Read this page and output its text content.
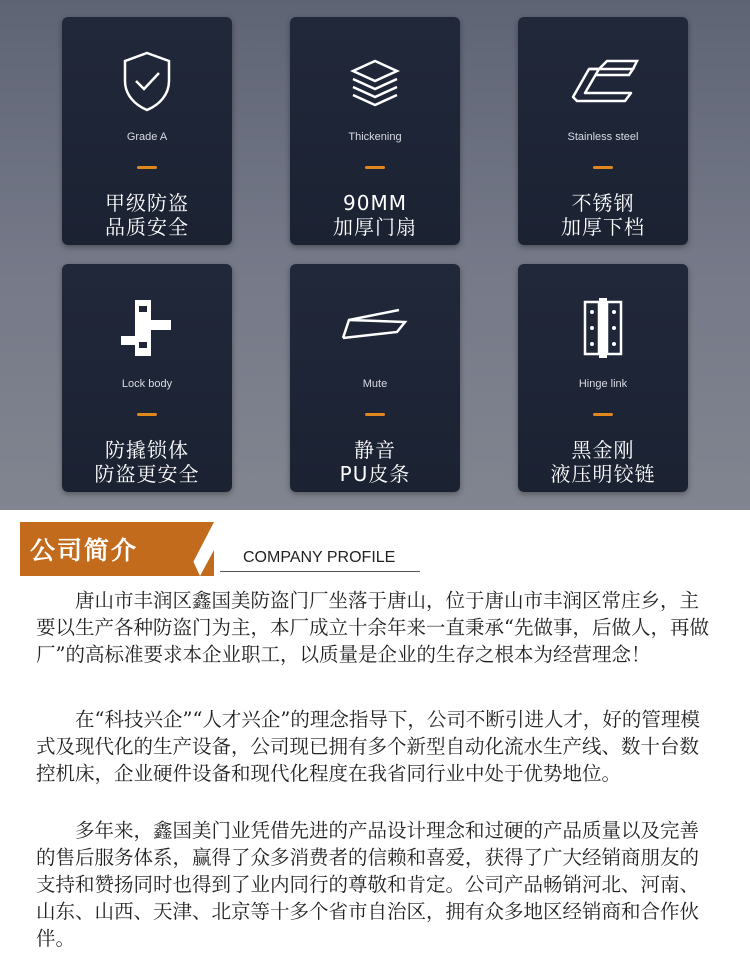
Grade A
甲级防盗
品质安全
Thickening
90MM
加厚门扇
Stainless steel
不锈钢
加厚下档
Lock body
防撬锁体
防盗更安全
Mute
静音
PU皮条
Hinge link
黑金刚
液压明铰链
公司简介	COMPANY PROFILE

唐山市丰润区鑫国美防盗门厂坐落于唐山，位于唐山市丰润区常庄乡，主要以生产各种防盗门为主，本厂成立十余年来一直秉承“先做事，后做人，再做厂”的高标准要求本企业职工，以质量是企业的生存之根本为经营理念！

在“科技兴企”“人才兴企”的理念指导下，公司不断引进人才，好的管理模式及现代化的生产设备，公司现已拥有多个新型自动化流水生产线、数十台数控机床，企业硬件设备和现代化程度在我省同行业中处于优势地位。

多年来，鑫国美门业凭借先进的产品设计理念和过硬的产品质量以及完善的售后服务体系，赢得了众多消费者的信赖和喜爱，获得了广大经销商朋友的支持和赞扬同时也得到了业内同行的尊敬和肯定。公司产品畅销河北、河南、山东、山西、天津、北京等十多个省市自治区，拥有众多地区经销商和合作伙伴。
